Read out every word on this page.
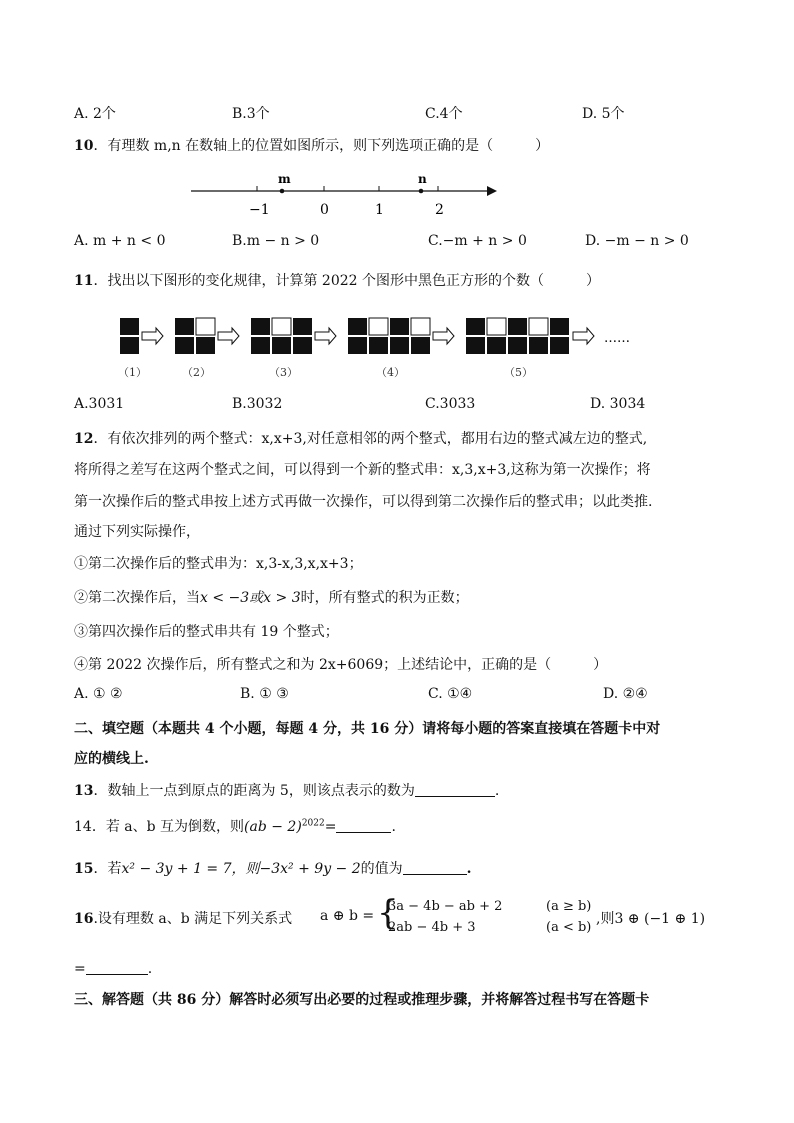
A. 2个	B.3个	C.4个	D. 5个
10．有理数 m,n 在数轴上的位置如图所示，则下列选项正确的是（　　　）
m	n
−1	0	1	2
A. m + n < 0	B.m − n > 0	C.−m + n > 0	D. −m − n > 0
11．找出以下图形的变化规律，计算第 2022 个图形中黑色正方形的个数（　　　）
……
（1）	（2）	（3）	（4）	（5）
A.3031	B.3032	C.3033	D. 3034
12．有依次排列的两个整式：x,x+3,对任意相邻的两个整式，都用右边的整式减左边的整式,
将所得之差写在这两个整式之间，可以得到一个新的整式串：x,3,x+3,这称为第一次操作；将
第一次操作后的整式串按上述方式再做一次操作，可以得到第二次操作后的整式串；以此类推.
通过下列实际操作，
①第二次操作后的整式串为：x,3-x,3,x,x+3；
②第二次操作后，当x < −3或x > 3时，所有整式的积为正数；
③第四次操作后的整式串共有 19 个整式；
④第 2022 次操作后，所有整式之和为 2x+6069；上述结论中，正确的是（　　　）
A. ① ②	B. ① ③	C. ①④	D. ②④
二、填空题（本题共 4 个小题，每题 4 分，共 16 分）请将每小题的答案直接填在答题卡中对
应的横线上.
13．数轴上一点到原点的距离为 5，则该点表示的数为	.
14．若 a、b 互为倒数，则(ab − 2)$^{2022}$=	.
15．若x² − 3y + 1 = 7，则−3x² + 9y − 2的值为	.
16.设有理数 a、b 满足下列关系式 a ⊕ b = {
3a − 4b − ab + 2
2ab − 4b + 3
(a ≥ b)
(a < b)
,则3 ⊕ (−1 ⊕ 1)
=	.
三、解答题（共 86 分）解答时必须写出必要的过程或推理步骤，并将解答过程书写在答题卡
